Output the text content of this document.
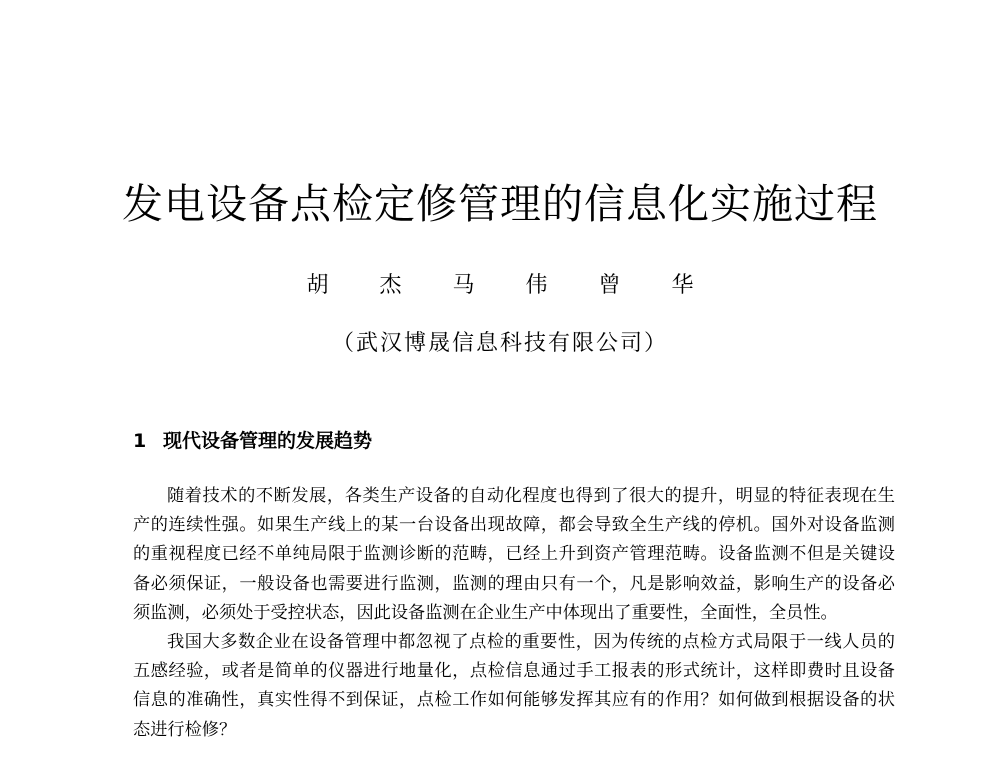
发电设备点检定修管理的信息化实施过程
胡 杰 马 伟 曾 华
（武汉博晟信息科技有限公司）
1 现代设备管理的发展趋势

随着技术的不断发展，各类生产设备的自动化程度也得到了很大的提升，明显的特征表现在生
产的连续性强。如果生产线上的某一台设备出现故障，都会导致全生产线的停机。国外对设备监测
的重视程度已经不单纯局限于监测诊断的范畴，已经上升到资产管理范畴。设备监测不但是关键设
备必须保证，一般设备也需要进行监测，监测的理由只有一个，凡是影响效益，影响生产的设备必
须监测，必须处于受控状态，因此设备监测在企业生产中体现出了重要性，全面性，全员性。

我国大多数企业在设备管理中都忽视了点检的重要性，因为传统的点检方式局限于一线人员的
五感经验，或者是简单的仪器进行地量化，点检信息通过手工报表的形式统计，这样即费时且设备
信息的准确性，真实性得不到保证，点检工作如何能够发挥其应有的作用？如何做到根据设备的状
态进行检修？
